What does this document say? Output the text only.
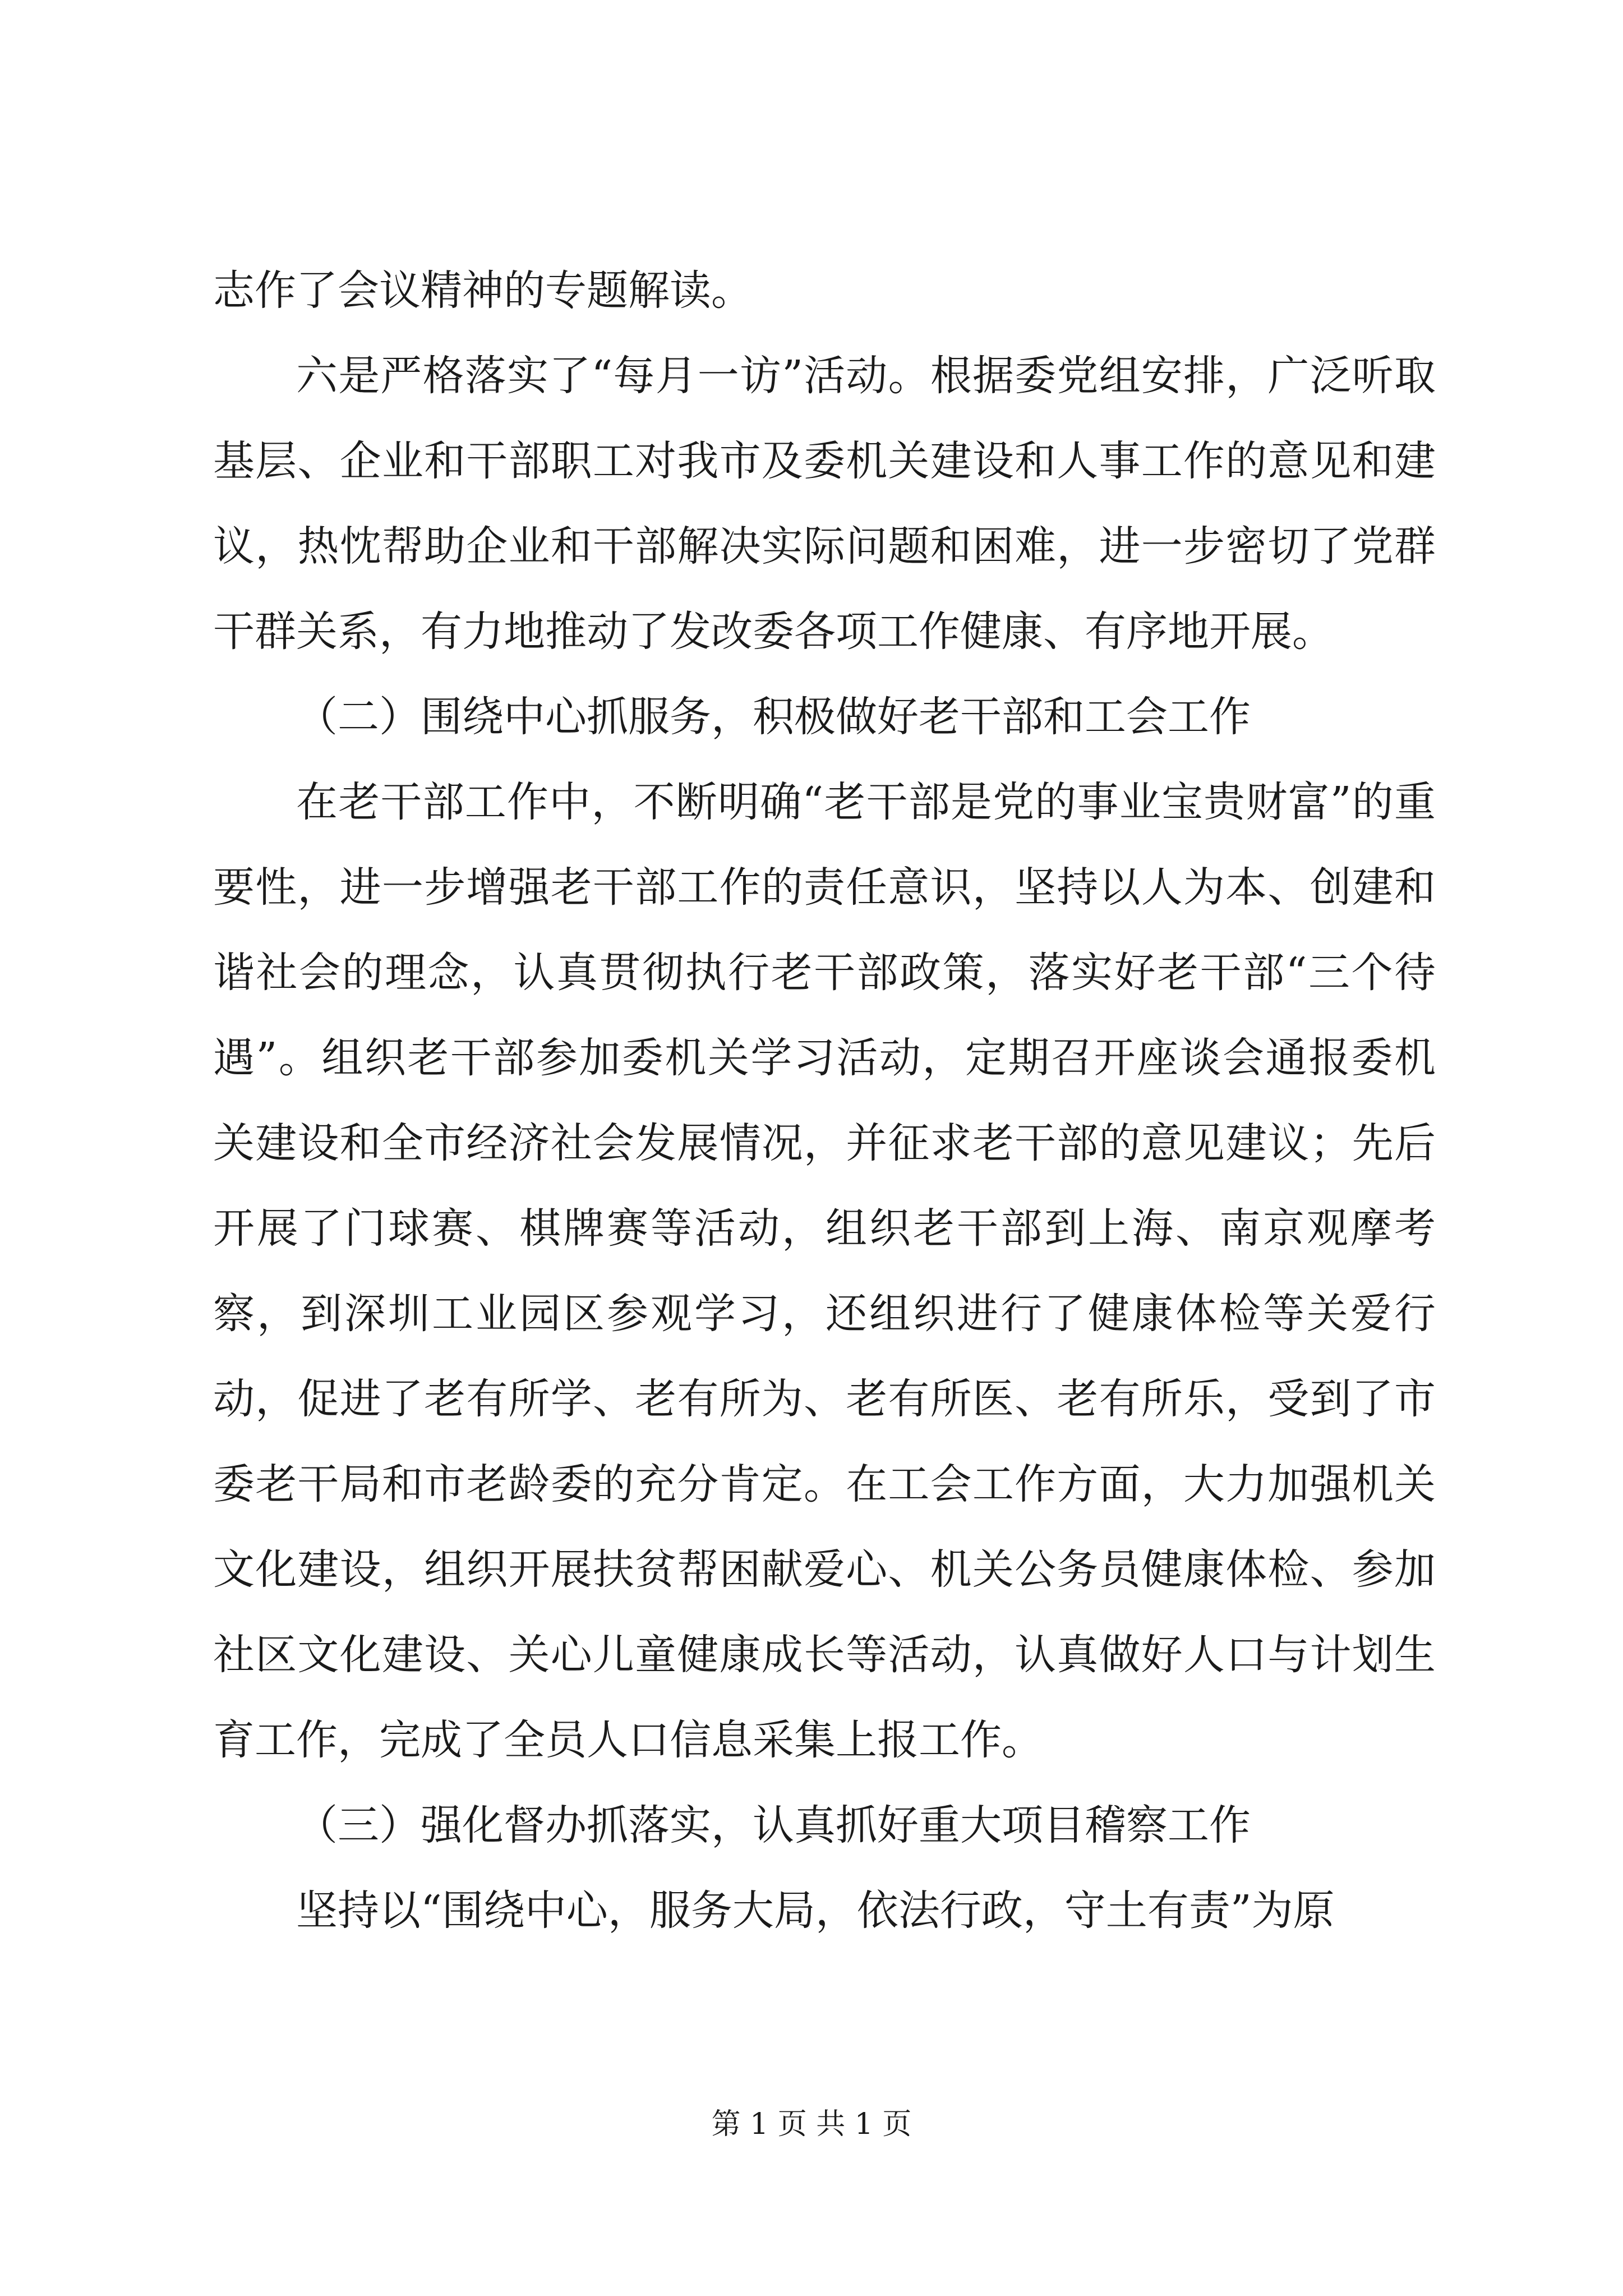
志作了会议精神的专题解读。

六是严格落实了“每月一访”活动。根据委党组安排，广泛听取基层、企业和干部职工对我市及委机关建设和人事工作的意见和建议，热忱帮助企业和干部解决实际问题和困难，进一步密切了党群干群关系，有力地推动了发改委各项工作健康、有序地开展。

（二）围绕中心抓服务，积极做好老干部和工会工作

在老干部工作中，不断明确“老干部是党的事业宝贵财富”的重要性，进一步增强老干部工作的责任意识，坚持以人为本、创建和谐社会的理念，认真贯彻执行老干部政策，落实好老干部“三个待遇”。组织老干部参加委机关学习活动，定期召开座谈会通报委机关建设和全市经济社会发展情况，并征求老干部的意见建议；先后开展了门球赛、棋牌赛等活动，组织老干部到上海、南京观摩考察，到深圳工业园区参观学习，还组织进行了健康体检等关爱行动，促进了老有所学、老有所为、老有所医、老有所乐，受到了市委老干局和市老龄委的充分肯定。在工会工作方面，大力加强机关文化建设，组织开展扶贫帮困献爱心、机关公务员健康体检、参加社区文化建设、关心儿童健康成长等活动，认真做好人口与计划生育工作，完成了全员人口信息采集上报工作。

（三）强化督办抓落实，认真抓好重大项目稽察工作

坚持以“围绕中心，服务大局，依法行政，守土有责”为原

第 1 页 共 1 页
